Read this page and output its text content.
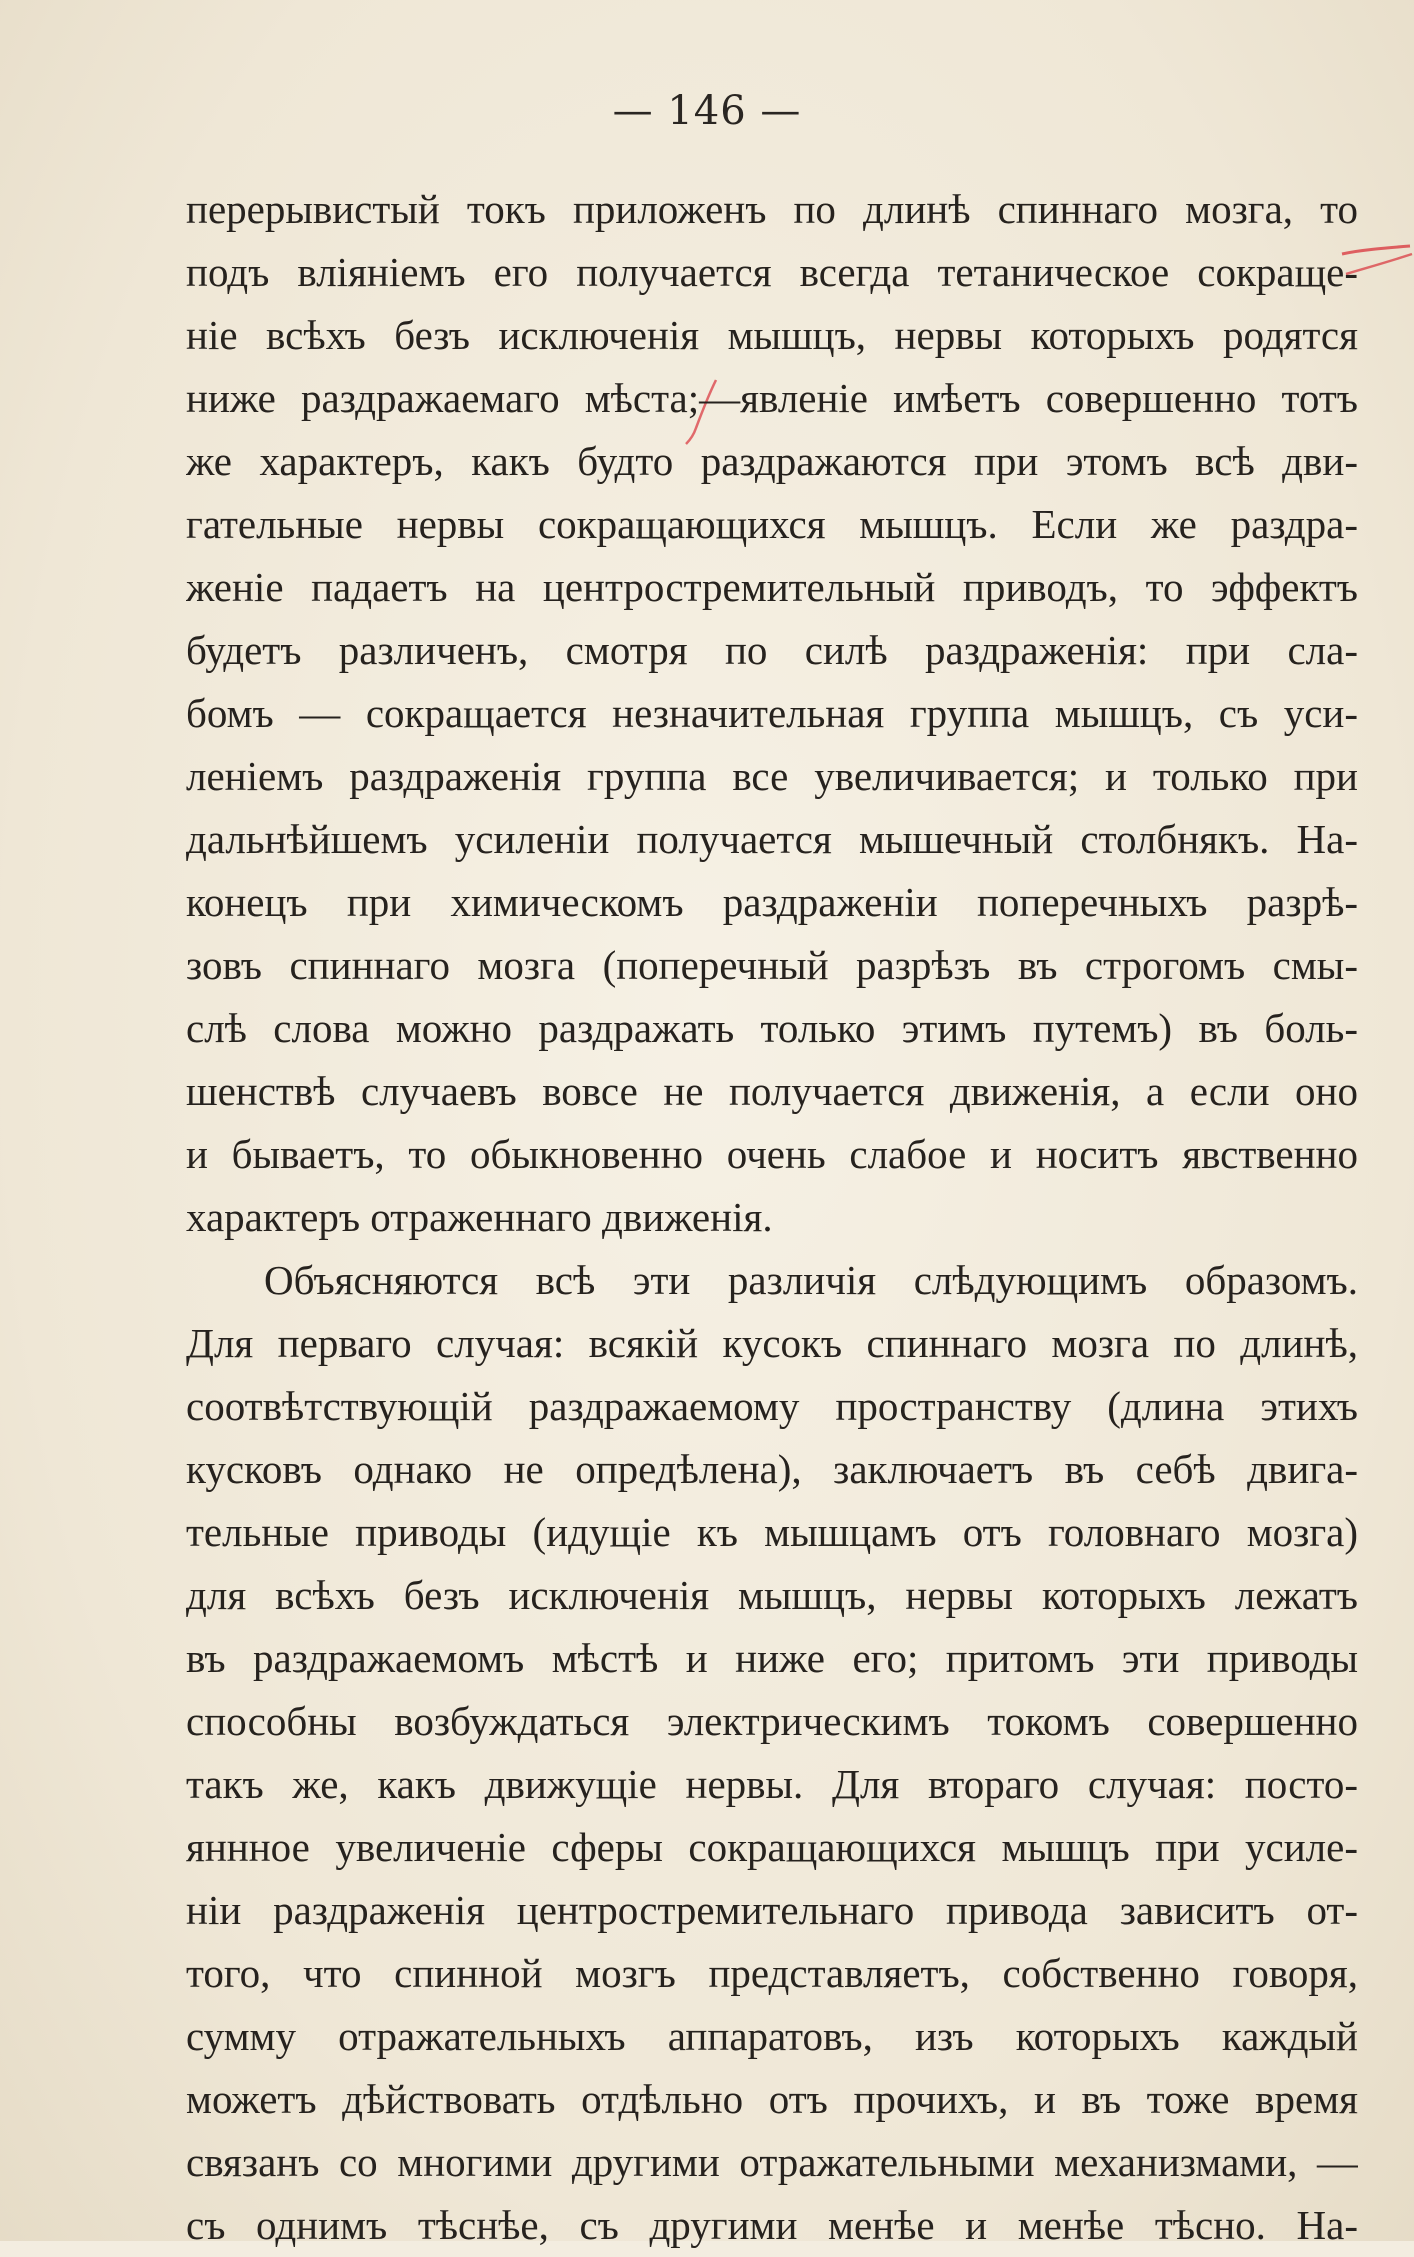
— 146 —
перерывистый токъ приложенъ по длинѣ спиннаго мозга, то
подъ вліяніемъ его получается всегда тетаническое сокраще-
ніе всѣхъ безъ исключенія мышцъ, нервы которыхъ родятся
ниже раздражаемаго мѣста;—явленіе имѣетъ совершенно тотъ
же характеръ, какъ будто раздражаются при этомъ всѣ дви-
гательные нервы сокращающихся мышцъ. Если же раздра-
женіе падаетъ на центростремительный приводъ, то эффектъ
будетъ различенъ, смотря по силѣ раздраженія: при сла-
бомъ — сокращается незначительная группа мышцъ, съ уси-
леніемъ раздраженія группа все увеличивается; и только при
дальнѣйшемъ усиленіи получается мышечный столбнякъ. На-
конецъ при химическомъ раздраженіи поперечныхъ разрѣ-
зовъ спиннаго мозга (поперечный разрѣзъ въ строгомъ смы-
слѣ слова можно раздражать только этимъ путемъ) въ боль-
шенствѣ случаевъ вовсе не получается движенія, а если оно
и бываетъ, то обыкновенно очень слабое и носитъ явственно
характеръ отраженнаго движенія.
Объясняются всѣ эти различія слѣдующимъ образомъ.
Для перваго случая: всякій кусокъ спиннаго мозга по длинѣ,
соотвѣтствующій раздражаемому пространству (длина этихъ
кусковъ однако не опредѣлена), заключаетъ въ себѣ двига-
тельные приводы (идущіе къ мышцамъ отъ головнаго мозга)
для всѣхъ безъ исключенія мышцъ, нервы которыхъ лежатъ
въ раздражаемомъ мѣстѣ и ниже его; притомъ эти приводы
способны возбуждаться электрическимъ токомъ совершенно
такъ же, какъ движущіе нервы. Для втораго случая: посто-
яннное увеличеніе сферы сокращающихся мышцъ при усиле-
ніи раздраженія центростремительнаго привода зависитъ от-
того, что спинной мозгъ представляетъ, собственно говоря,
сумму отражательныхъ аппаратовъ, изъ которыхъ каждый
можетъ дѣйствовать отдѣльно отъ прочихъ, и въ тоже время
связанъ со многими другими отражательными механизмами, —
съ однимъ тѣснѣе, съ другими менѣе и менѣе тѣсно. На-
